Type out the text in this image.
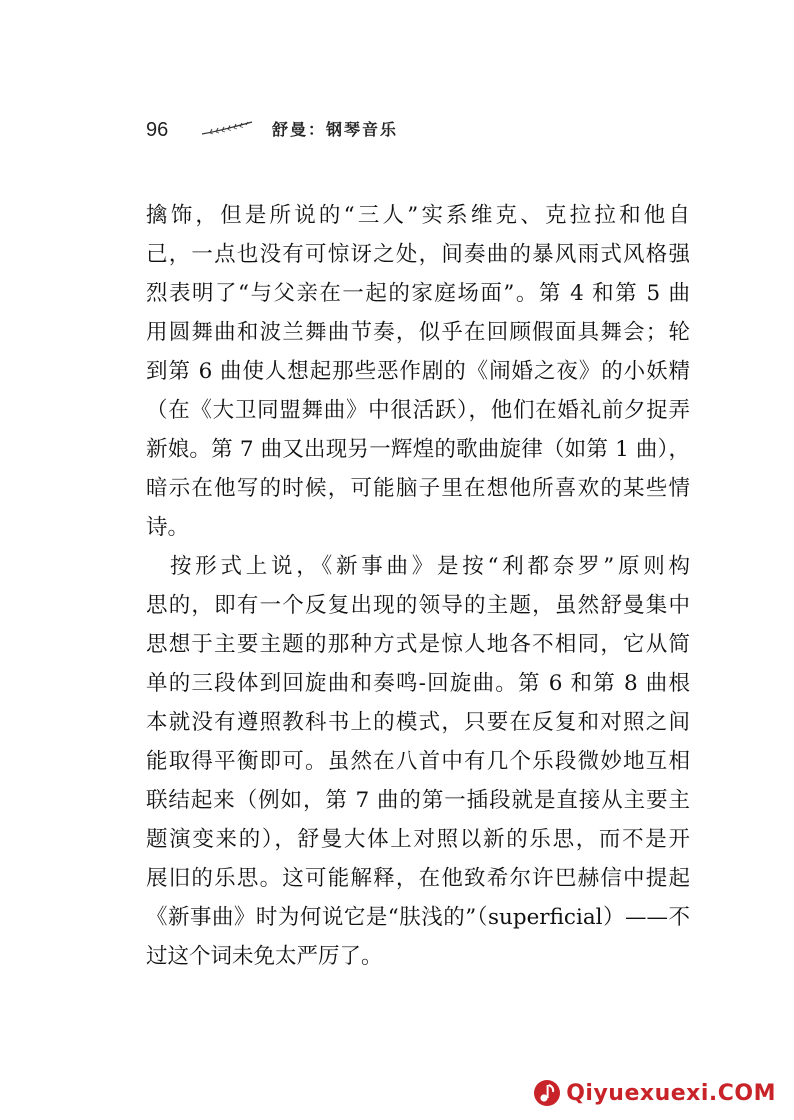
96	舒曼：钢琴音乐
擒饰，但是所说的“三人”实系维克、克拉拉和他自
己，一点也没有可惊讶之处，间奏曲的暴风雨式风格强
烈表明了“与父亲在一起的家庭场面”。第 4 和第 5 曲
用圆舞曲和波兰舞曲节奏，似乎在回顾假面具舞会；轮
到第 6 曲使人想起那些恶作剧的《闹婚之夜》的小妖精
（在《大卫同盟舞曲》中很活跃），他们在婚礼前夕捉弄
新娘。第 7 曲又出现另一辉煌的歌曲旋律（如第 1 曲），
暗示在他写的时候，可能脑子里在想他所喜欢的某些情
诗。
按形式上说，《新事曲》是按“利都奈罗”原则构
思的，即有一个反复出现的领导的主题，虽然舒曼集中
思想于主要主题的那种方式是惊人地各不相同，它从简
单的三段体到回旋曲和奏鸣-回旋曲。第 6 和第 8 曲根
本就没有遵照教科书上的模式，只要在反复和对照之间
能取得平衡即可。虽然在八首中有几个乐段微妙地互相
联结起来（例如，第 7 曲的第一插段就是直接从主要主
题演变来的），舒曼大体上对照以新的乐思，而不是开
展旧的乐思。这可能解释，在他致希尔许巴赫信中提起
《新事曲》时为何说它是“肤浅的”（superficial）——不
过这个词未免太严厉了。
Qiyuexuexi.COM
